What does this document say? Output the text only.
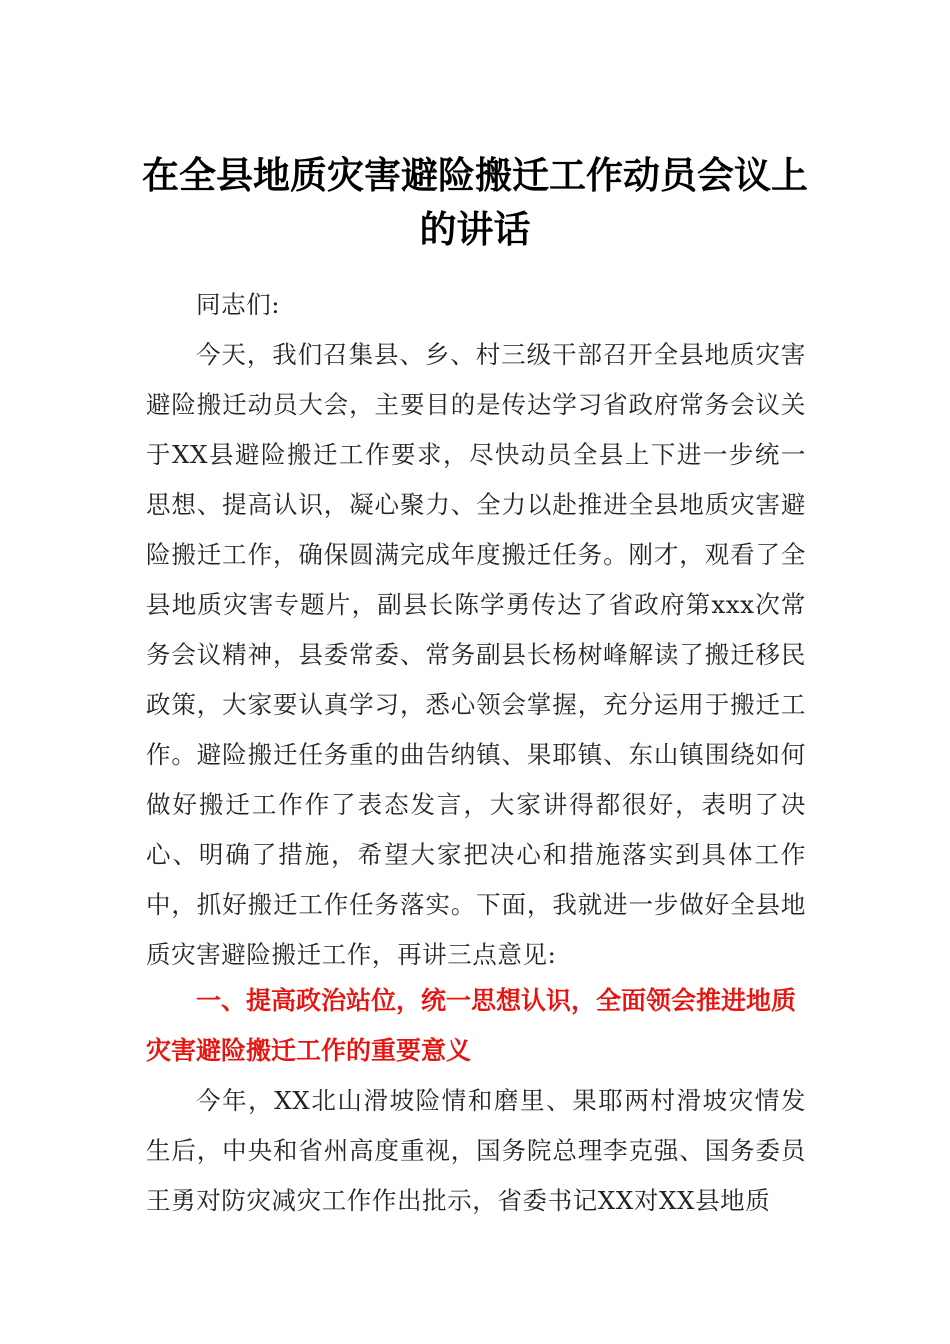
在全县地质灾害避险搬迁工作动员会议上的讲话

同志们:

今天，我们召集县、乡、村三级干部召开全县地质灾害避险搬迁动员大会，主要目的是传达学习省政府常务会议关于XX县避险搬迁工作要求，尽快动员全县上下进一步统一思想、提高认识，凝心聚力、全力以赴推进全县地质灾害避险搬迁工作，确保圆满完成年度搬迁任务。刚才，观看了全县地质灾害专题片，副县长陈学勇传达了省政府第xxx次常务会议精神，县委常委、常务副县长杨树峰解读了搬迁移民政策，大家要认真学习，悉心领会掌握，充分运用于搬迁工作。避险搬迁任务重的曲告纳镇、果耶镇、东山镇围绕如何做好搬迁工作作了表态发言，大家讲得都很好，表明了决心、明确了措施，希望大家把决心和措施落实到具体工作中，抓好搬迁工作任务落实。下面，我就进一步做好全县地质灾害避险搬迁工作，再讲三点意见:

一、提高政治站位，统一思想认识，全面领会推进地质灾害避险搬迁工作的重要意义

今年，XX北山滑坡险情和磨里、果耶两村滑坡灾情发生后，中央和省州高度重视，国务院总理李克强、国务委员王勇对防灾减灾工作作出批示，省委书记XX对XX县地质
